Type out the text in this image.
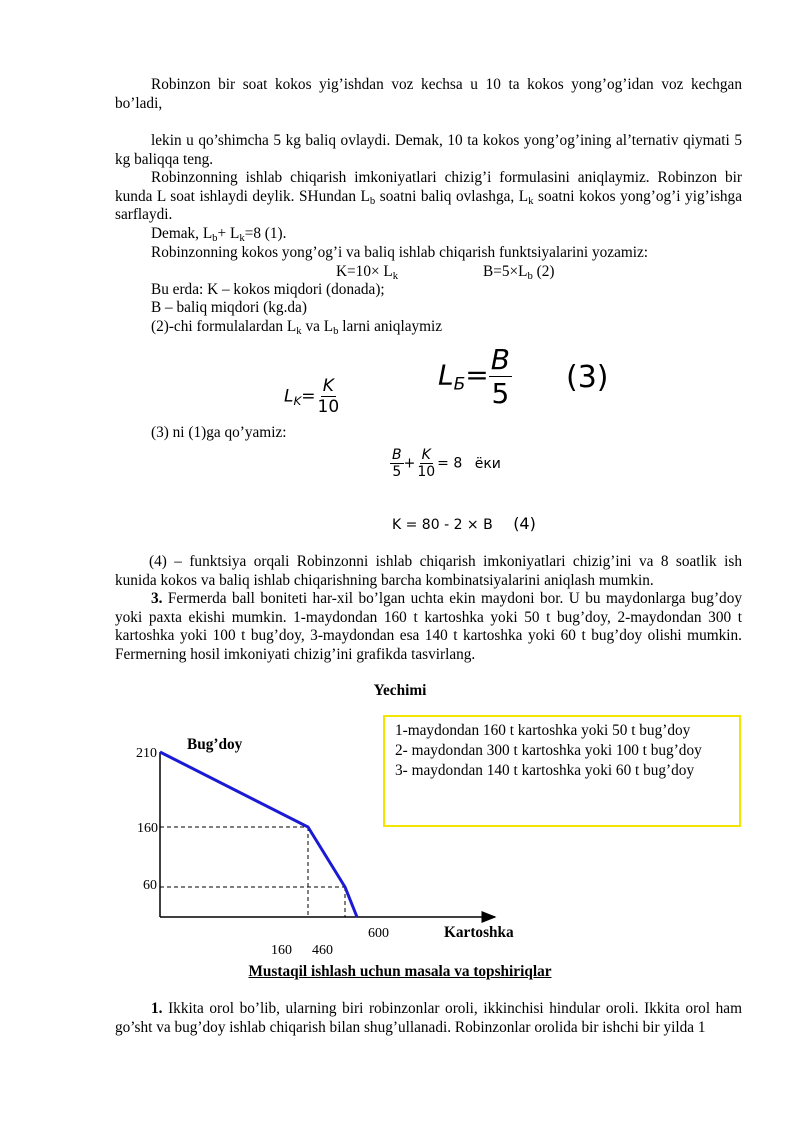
Robinzon bir soat kokos yig’ishdan voz kechsa u 10 ta kokos yong’og’idan voz kechgan bo’ladi,

lekin u qo’shimcha 5 kg baliq ovlaydi. Demak, 10 ta kokos yong’og’ining al’ternativ qiymati 5 kg baliqqa teng.

Robinzonning ishlab chiqarish imkoniyatlari chizig’i formulasini aniqlaymiz. Robinzon bir kunda L soat ishlaydi deylik. SHundan $L_b$ soatni baliq ovlashga, $L_k$ soatni kokos yong’og’i yig’ishga sarflaydi.

Demak, $L_b+ L_k=8$ (1).

Robinzonning kokos yong’og’i va baliq ishlab chiqarish funktsiyalarini yozamiz:

$K=10\times L_k$	$B=5\times L_b$ (2)

Bu erda: K – kokos miqdori (donada);

B – baliq miqdori (kg.da)

(2)-chi formulalardan $L_k$ va $L_b$ larni aniqlaymiz

$L_K= \frac{K}{10}$
$L_Б= \frac{B}{5} (3)$

(3) ni (1)ga qo’yamiz:

$\frac{B}{5} + \frac{K}{10} = 8$ ёки
K = 80 - 2 × B (4)

(4) – funktsiya orqali Robinzonni ishlab chiqarish imkoniyatlari chizig’ini va 8 soatlik ish kunida kokos va baliq ishlab chiqarishning barcha kombinatsiyalarini aniqlash mumkin.

3. Fermerda ball boniteti har-xil bo’lgan uchta ekin maydoni bor. U bu maydonlarga bug’doy yoki paxta ekishi mumkin. 1-maydondan 160 t kartoshka yoki 50 t bug’doy, 2-maydondan 300 t kartoshka yoki 100 t bug’doy, 3-maydondan esa 140 t kartoshka yoki 60 t bug’doy olishi mumkin. Fermerning hosil imkoniyati chizig’ini grafikda tasvirlang.

Yechimi
1-maydondan 160 t kartoshka yoki 50 t bug’doy
2- maydondan 300 t kartoshka yoki 100 t bug’doy
3- maydondan 140 t kartoshka yoki 60 t bug’doy
Bug’doy
Kartoshka
210
160
60
160 460
600
Mustaqil ishlash uchun masala va topshiriqlar

1. Ikkita orol bo’lib, ularning biri robinzonlar oroli, ikkinchisi hindular oroli. Ikkita orol ham go’sht va bug’doy ishlab chiqarish bilan shug’ullanadi. Robinzonlar orolida bir ishchi bir yilda 1
